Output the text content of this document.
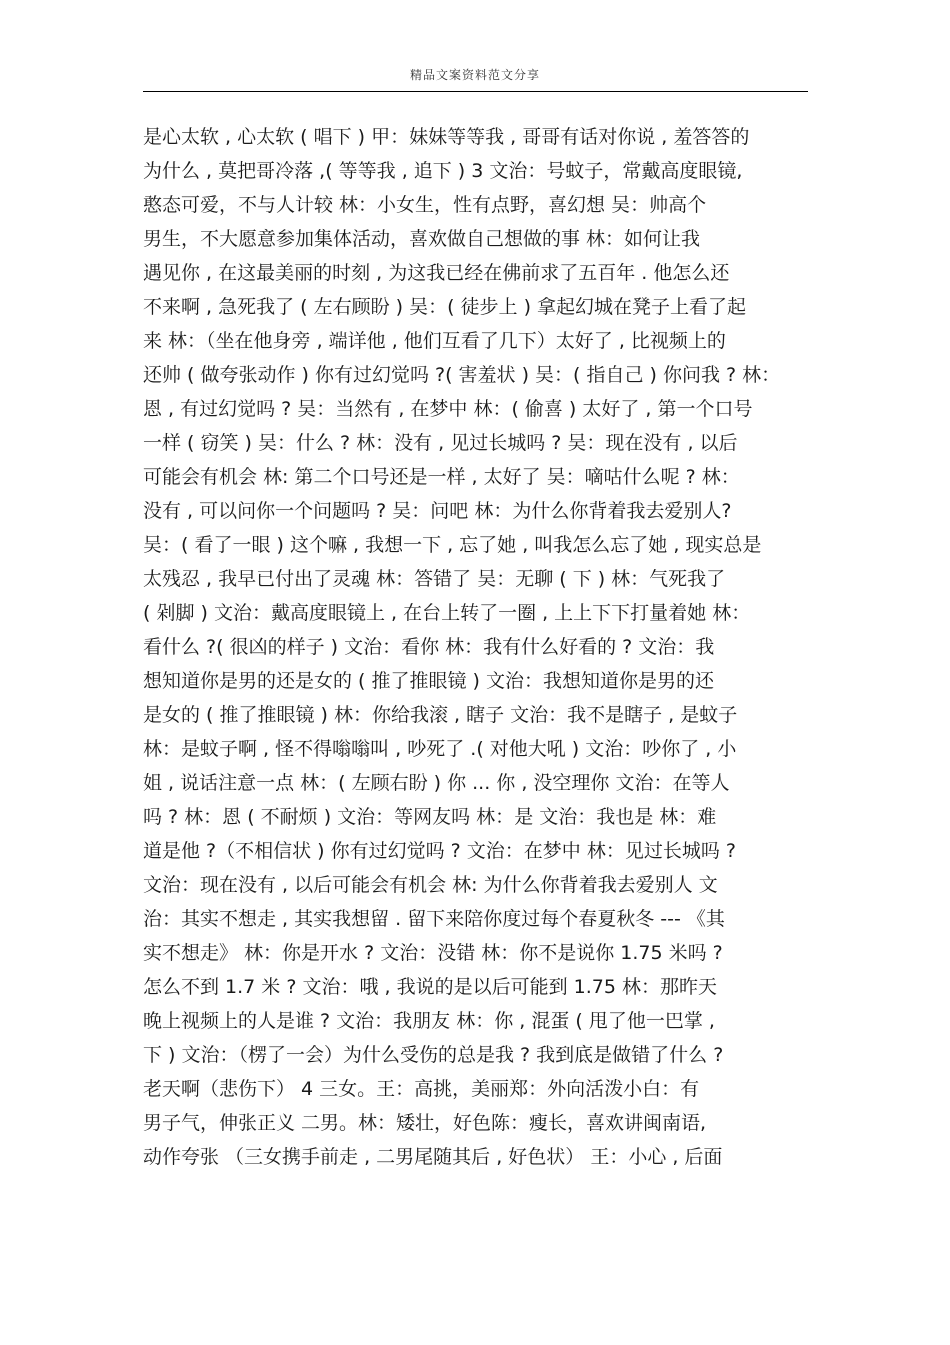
精品文案资料范文分享
是心太软 , 心太软 ( 唱下 ) 甲：妹妹等等我 , 哥哥有话对你说 , 羞答答的
为什么 , 莫把哥冷落 ,( 等等我 , 追下 ) 3 文治：号蚊子，常戴高度眼镜,
憨态可爱，不与人计较 林：小女生，性有点野，喜幻想 吴：帅高个
男生，不大愿意参加集体活动，喜欢做自己想做的事 林：如何让我
遇见你 , 在这最美丽的时刻 , 为这我已经在佛前求了五百年 . 他怎么还
不来啊 , 急死我了 ( 左右顾盼 ) 吴：( 徒步上 ) 拿起幻城在凳子上看了起
来 林：（坐在他身旁 , 端详他 , 他们互看了几下）太好了 , 比视频上的
还帅 ( 做夸张动作 ) 你有过幻觉吗 ?( 害羞状 ) 吴：( 指自己 ) 你问我 ? 林：
恩 , 有过幻觉吗 ? 吴：当然有 , 在梦中 林：( 偷喜 ) 太好了 , 第一个口号
一样 ( 窃笑 ) 吴：什么 ? 林：没有 , 见过长城吗 ? 吴：现在没有 , 以后
可能会有机会 林: 第二个口号还是一样 , 太好了 吴：嘀咕什么呢 ? 林：
没有 , 可以问你一个问题吗 ? 吴：问吧 林：为什么你背着我去爱别人?
吴：( 看了一眼 ) 这个嘛 , 我想一下 , 忘了她 , 叫我怎么忘了她 , 现实总是
太残忍 , 我早已付出了灵魂 林：答错了 吴：无聊 ( 下 ) 林：气死我了
( 剁脚 ) 文治：戴高度眼镜上 , 在台上转了一圈 , 上上下下打量着她 林：
看什么 ?( 很凶的样子 ) 文治：看你 林：我有什么好看的 ? 文治：我
想知道你是男的还是女的 ( 推了推眼镜 ) 文治：我想知道你是男的还
是女的 ( 推了推眼镜 ) 林：你给我滚 , 瞎子 文治：我不是瞎子 , 是蚊子
林：是蚊子啊 , 怪不得嗡嗡叫 , 吵死了 .( 对他大吼 ) 文治：吵你了 , 小
姐 , 说话注意一点 林：( 左顾右盼 ) 你 ... 你 , 没空理你 文治：在等人
吗 ? 林：恩 ( 不耐烦 ) 文治：等网友吗 林：是 文治：我也是 林：难
道是他 ?（不相信状 ) 你有过幻觉吗 ? 文治：在梦中 林：见过长城吗 ?
文治：现在没有 , 以后可能会有机会 林: 为什么你背着我去爱别人 文
治：其实不想走 , 其实我想留 . 留下来陪你度过每个春夏秋冬 --- 《其
实不想走》 林：你是开水 ? 文治：没错 林：你不是说你 1.75 米吗 ?
怎么不到 1.7 米 ? 文治：哦 , 我说的是以后可能到 1.75 林：那昨天
晚上视频上的人是谁 ? 文治：我朋友 林：你 , 混蛋 ( 甩了他一巴掌 ,
下 ) 文治：（楞了一会）为什么受伤的总是我 ? 我到底是做错了什么 ?
老天啊（悲伤下） 4 三女。王：高挑，美丽郑：外向活泼小白：有
男子气，伸张正义 二男。林：矮壮，好色陈：瘦长，喜欢讲闽南语,
动作夸张 （三女携手前走 , 二男尾随其后 , 好色状） 王：小心 , 后面
